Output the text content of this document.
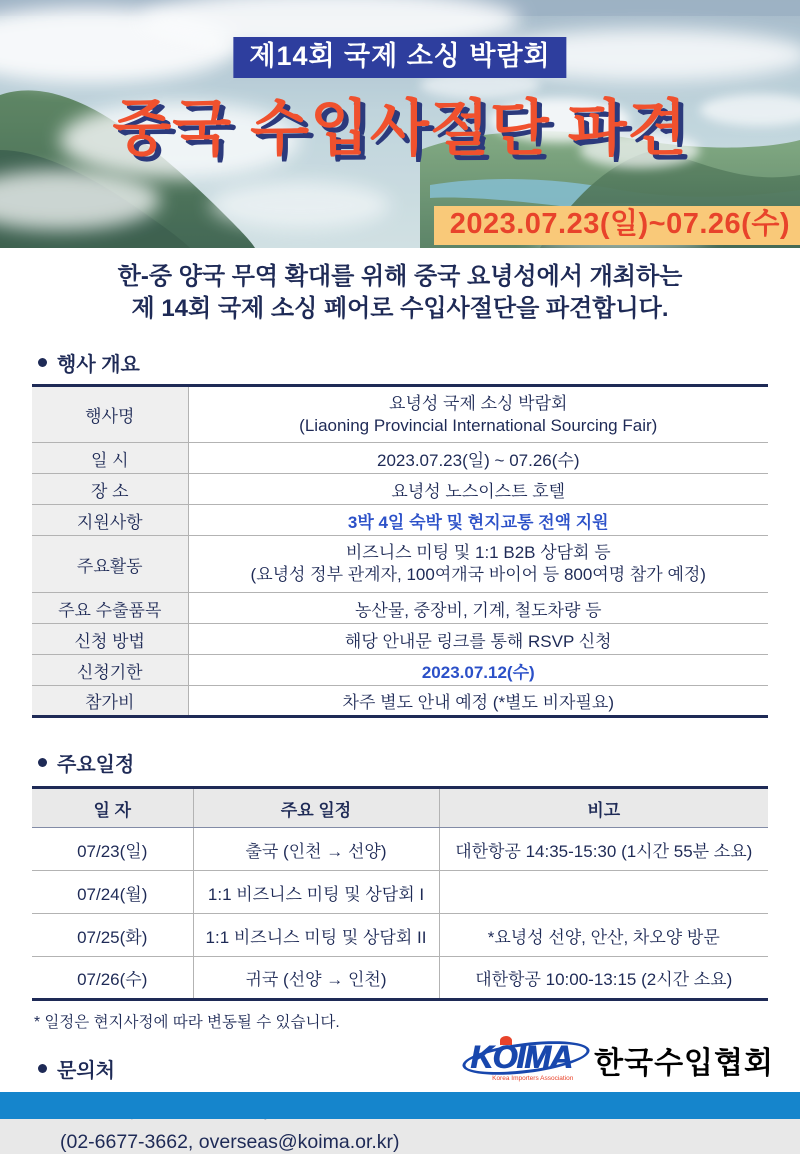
제14회 국제 소싱 박람회
중국 수입사절단 파견
2023.07.23(일)~07.26(수)
한-중 양국 무역 확대를 위해 중국 요녕성에서 개최하는
제 14회 국제 소싱 페어로 수입사절단을 파견합니다.
행사 개요
행사명	요녕성 국제 소싱 박람회
(Liaoning Provincial International Sourcing Fair)

일 시	2023.07.23(일) ~ 07.26(수)
장 소	요녕성 노스이스트 호텔
지원사항	3박 4일 숙박 및 현지교통 전액 지원
주요활동	비즈니스 미팅 및 1:1 B2B 상담회 등
(요녕성 정부 관계자, 100여개국 바이어 등 800여명 참가 예정)

주요 수출품목	농산물, 중장비, 기계, 철도차량 등
신청 방법	해당 안내문 링크를 통해 RSVP 신청
신청기한	2023.07.12(수)
참가비	차주 별도 안내 예정 (*별도 비자필요)
주요일정
일 자	주요 일정	비고
07/23(일)	출국 (인천 → 선양)	대한항공 14:35-15:30 (1시간 55분 소요)
07/24(월)	1:1 비즈니스 미팅 및 상담회 I	
07/25(화)	1:1 비즈니스 미팅 및 상담회 II	*요녕성 선양, 안산, 차오양 방문
07/26(수)	귀국 (선양 → 인천)	대한항공 10:00-13:15 (2시간 소요)
* 일정은 현지사정에 따라 변동될 수 있습니다.
문의처
(02-6677-3662, overseas@koima.or.kr)
KOIMA
Korea Importers Association 한국수입협회
